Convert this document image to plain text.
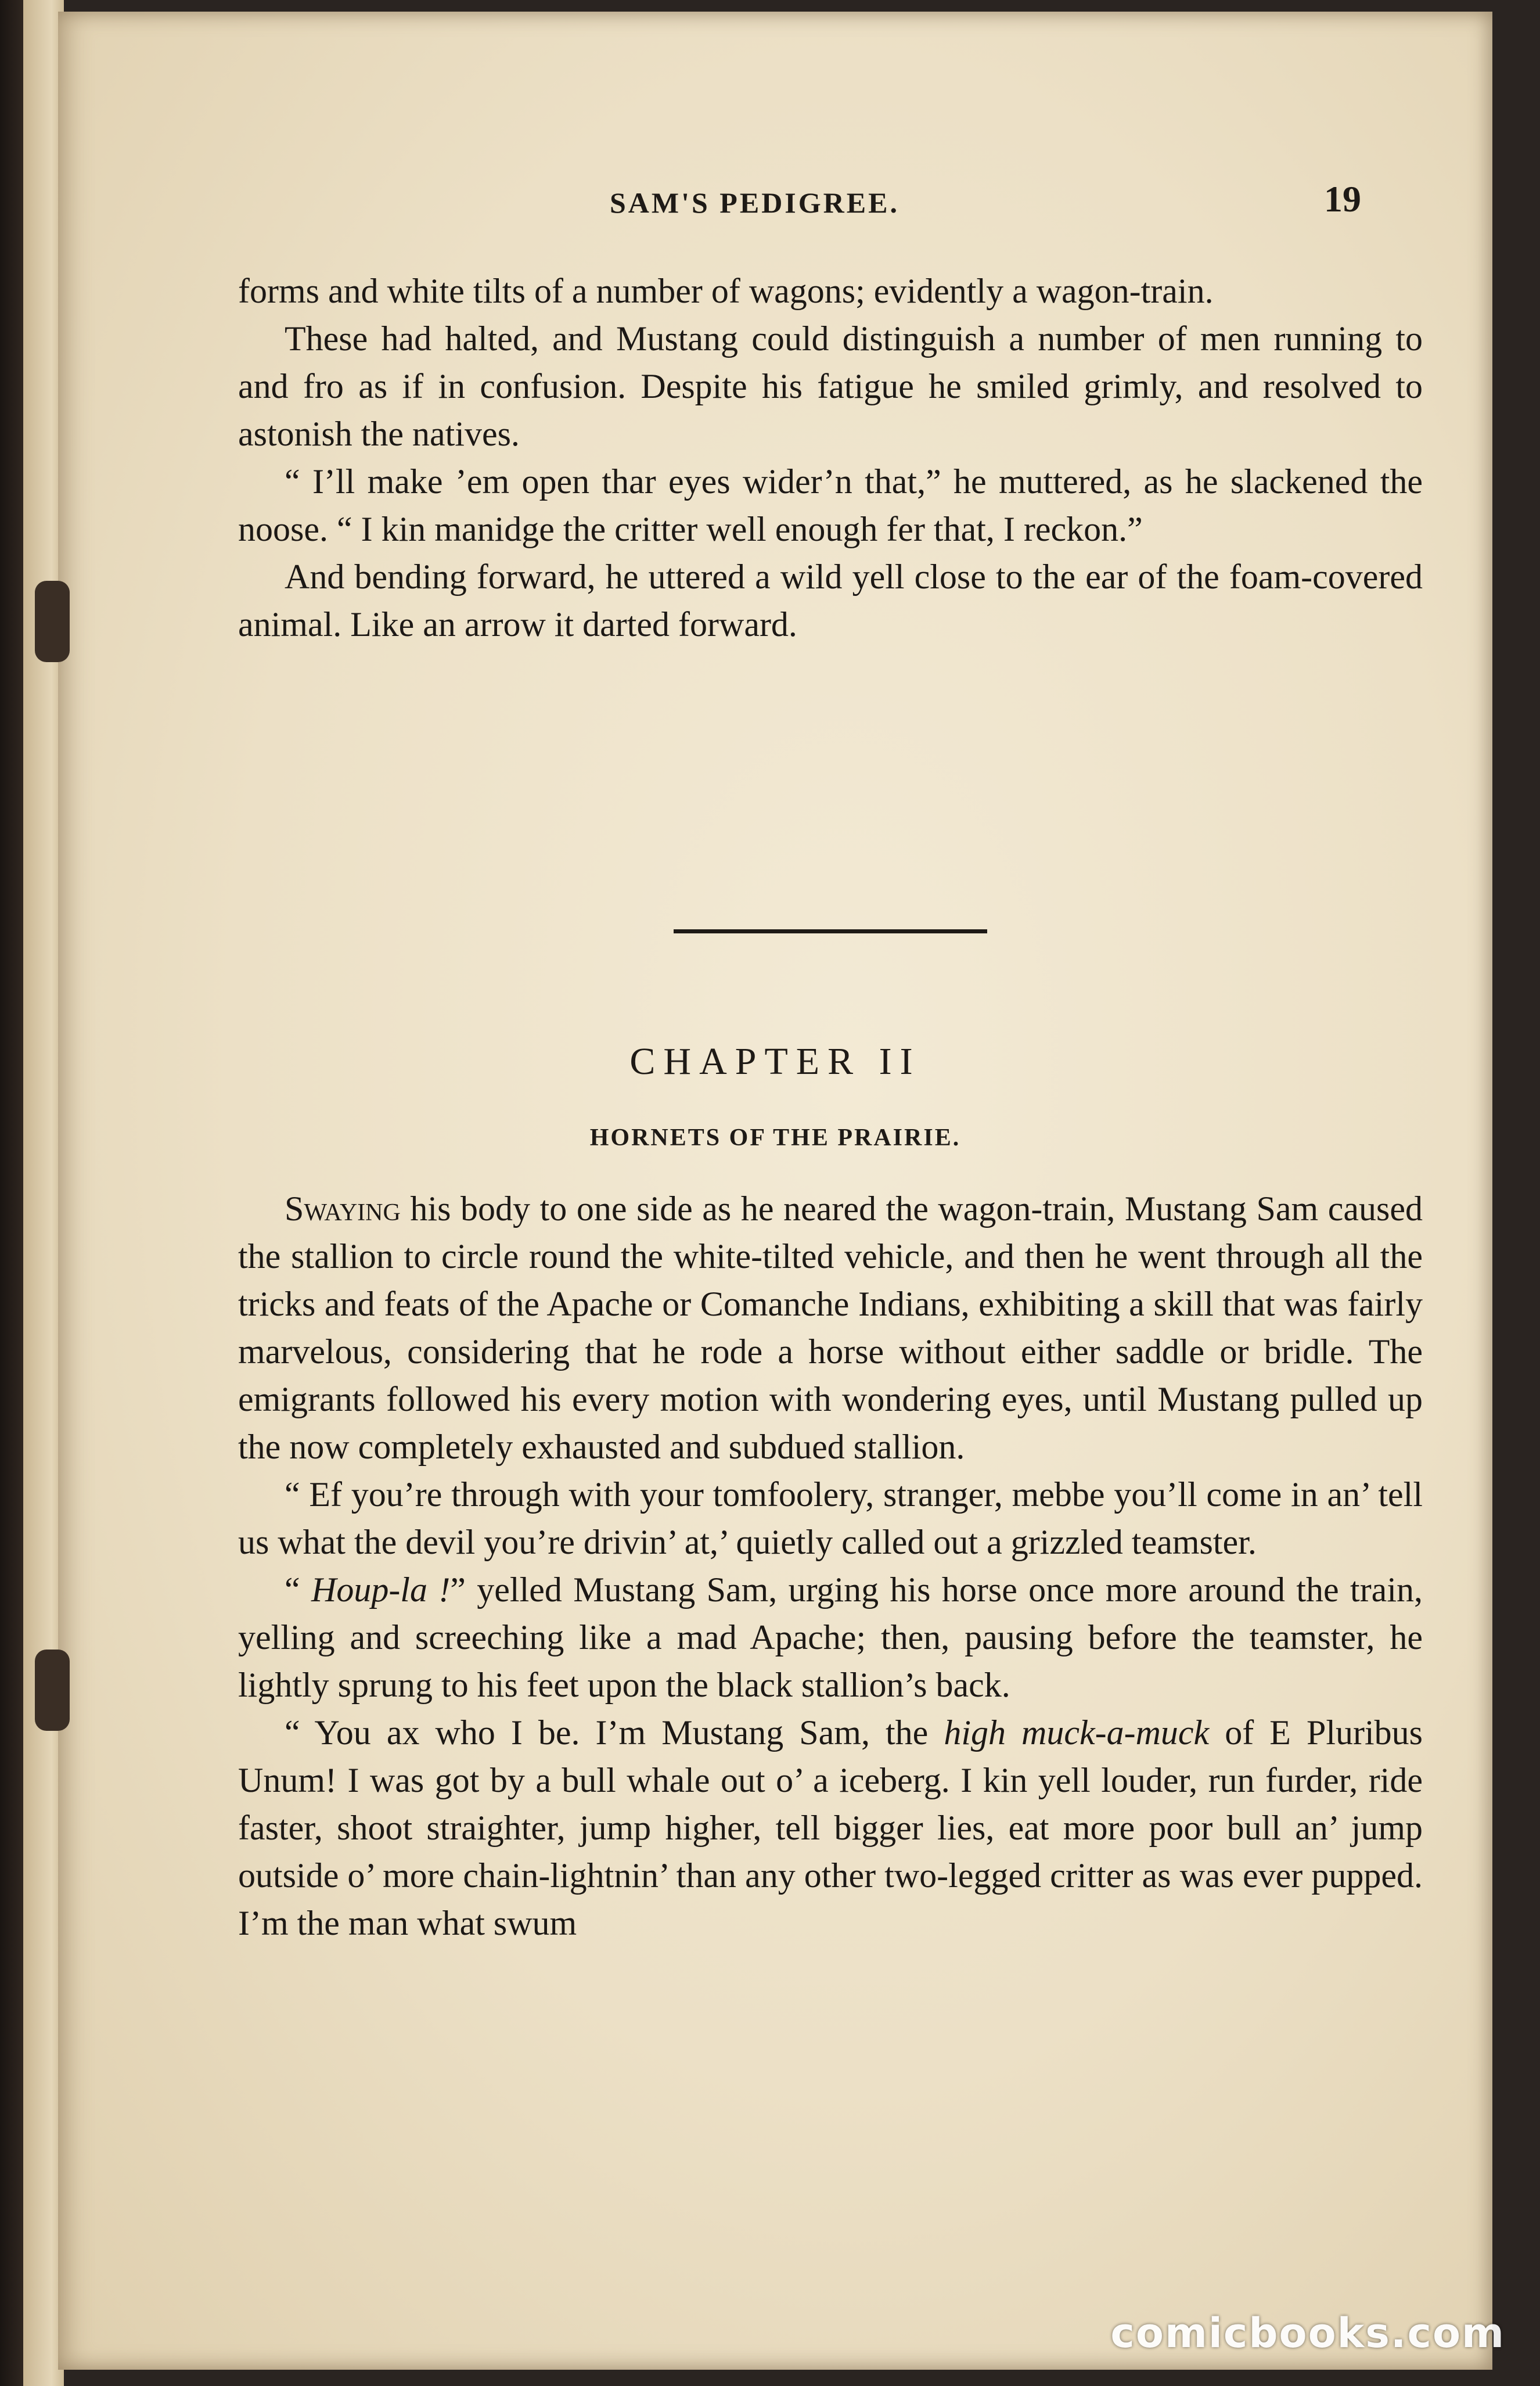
SAM'S PEDIGREE.	19

forms and white tilts of a number of wagons; evidently a wagon-train.

These had halted, and Mustang could distinguish a number of men running to and fro as if in confusion. Despite his fatigue he smiled grimly, and resolved to astonish the natives.

“ I’ll make ’em open thar eyes wider’n that,” he muttered, as he slackened the noose. “ I kin manidge the critter well enough fer that, I reckon.”

And bending forward, he uttered a wild yell close to the ear of the foam-covered animal. Like an arrow it darted forward.

CHAPTER II
HORNETS OF THE PRAIRIE.

Swaying his body to one side as he neared the wagon-train, Mustang Sam caused the stallion to circle round the white-tilted vehicle, and then he went through all the tricks and feats of the Apache or Comanche Indians, exhibiting a skill that was fairly marvelous, considering that he rode a horse without either saddle or bridle. The emigrants followed his every motion with wondering eyes, until Mustang pulled up the now completely exhausted and subdued stallion.

“ Ef you’re through with your tomfoolery, stranger, mebbe you’ll come in an’ tell us what the devil you’re drivin’ at,’ quietly called out a grizzled teamster.

“ Houp-la !” yelled Mustang Sam, urging his horse once more around the train, yelling and screeching like a mad Apache; then, pausing before the teamster, he lightly sprung to his feet upon the black stallion’s back.

“ You ax who I be. I’m Mustang Sam, the high muck-a-muck of E Pluribus Unum! I was got by a bull whale out o’ a iceberg. I kin yell louder, run furder, ride faster, shoot straighter, jump higher, tell bigger lies, eat more poor bull an’ jump outside o’ more chain-lightnin’ than any other two-legged critter as was ever pupped. I’m the man what swum

comicbooks.com
